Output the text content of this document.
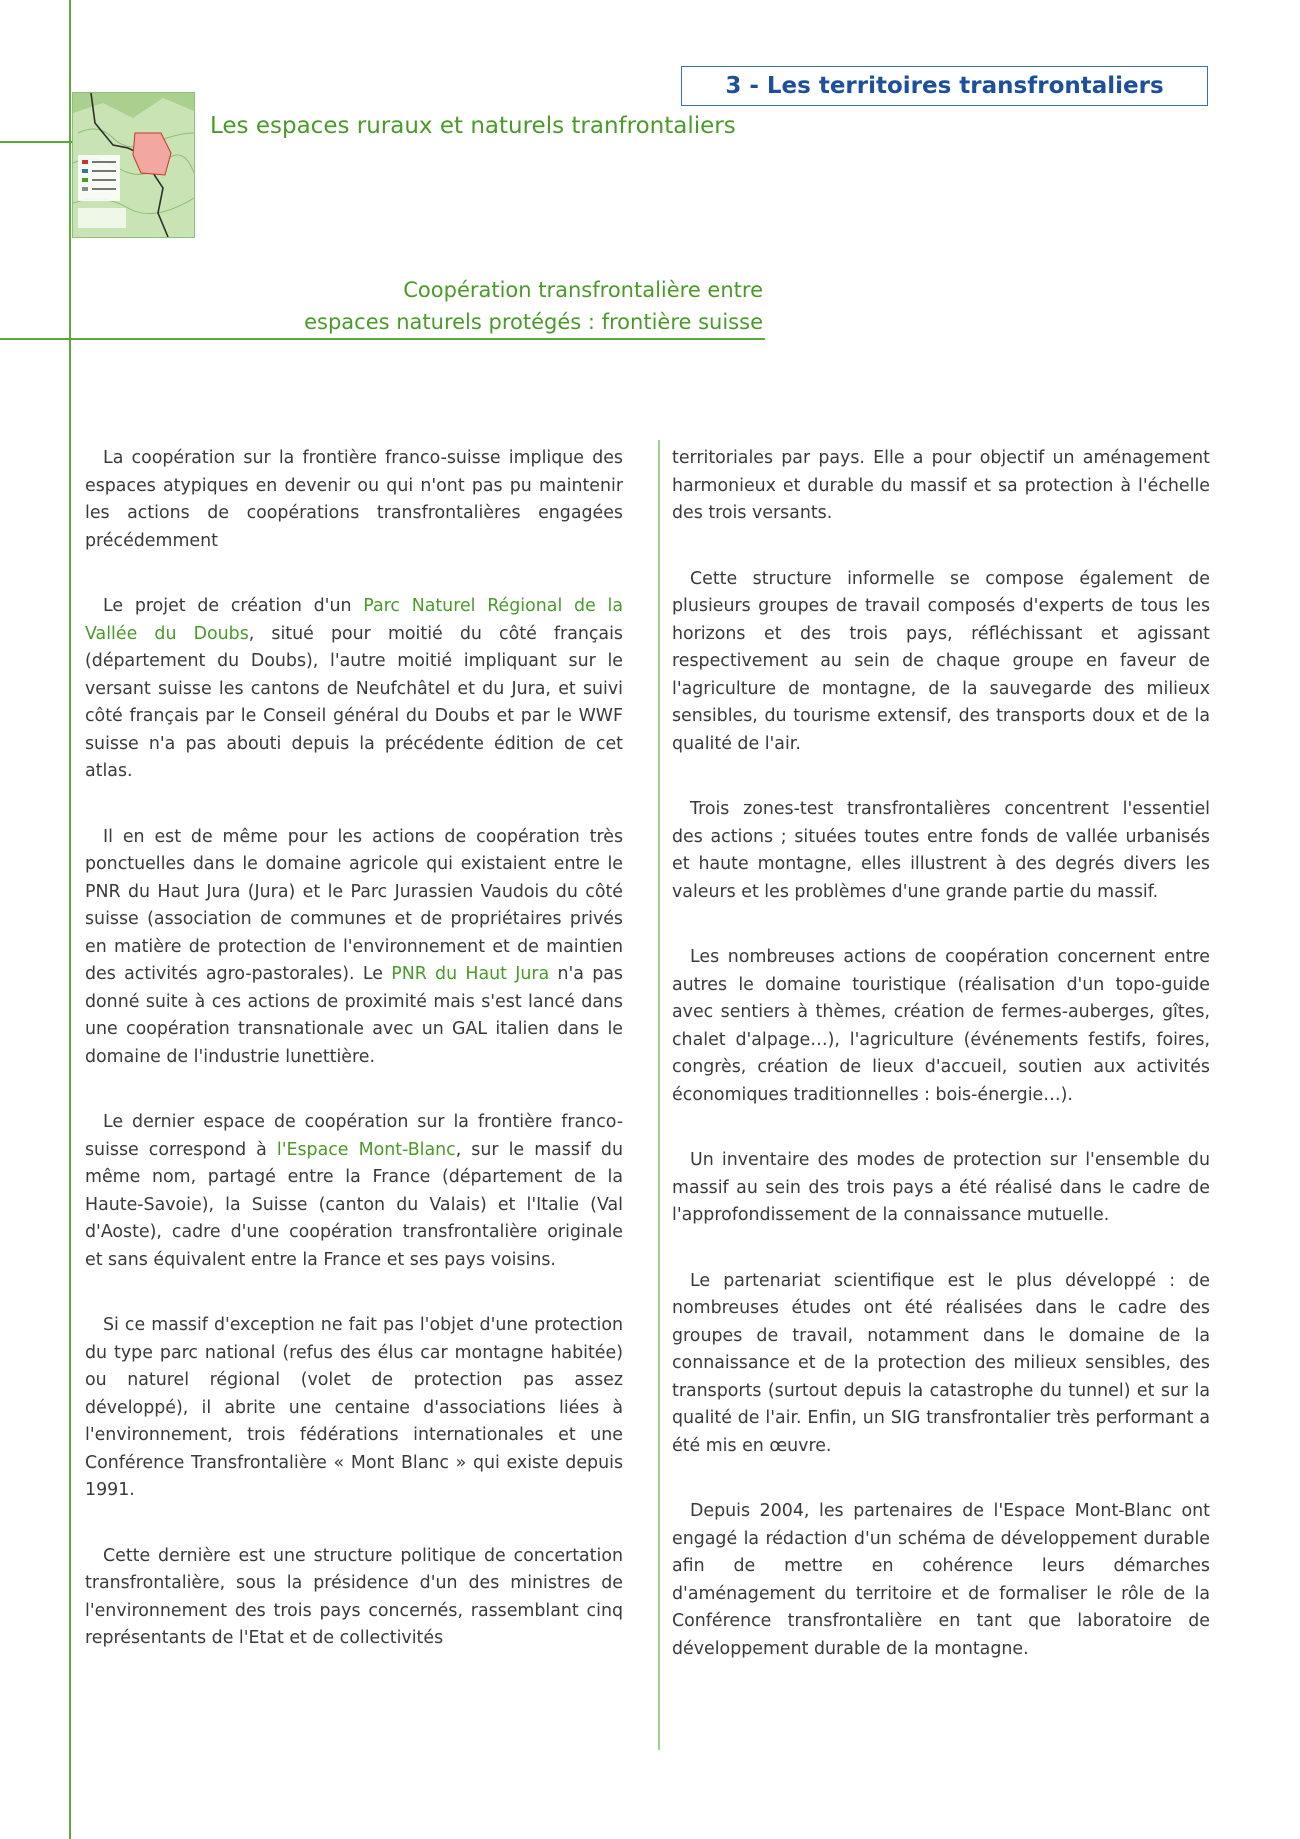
3 - Les territoires transfrontaliers
Les espaces ruraux et naturels tranfrontaliers
Coopération transfrontalière entre
espaces naturels protégés : frontière suisse

La coopération sur la frontière franco-suisse implique des espaces atypiques en devenir ou qui n'ont pas pu maintenir les actions de coopérations transfrontalières engagées précédemment

Le projet de création d'un Parc Naturel Régional de la Vallée du Doubs, situé pour moitié du côté français (département du Doubs), l'autre moitié impliquant sur le versant suisse les cantons de Neufchâtel et du Jura, et suivi côté français par le Conseil général du Doubs et par le WWF suisse n'a pas abouti depuis la précédente édition de cet atlas.

Il en est de même pour les actions de coopération très ponctuelles dans le domaine agricole qui existaient entre le PNR du Haut Jura (Jura) et le Parc Jurassien Vaudois du côté suisse (association de communes et de propriétaires privés en matière de protection de l'environnement et de maintien des activités agro-pastorales). Le PNR du Haut Jura n'a pas donné suite à ces actions de proximité mais s'est lancé dans une coopération transnationale avec un GAL italien dans le domaine de l'industrie lunettière.

Le dernier espace de coopération sur la frontière franco-suisse correspond à l'Espace Mont-Blanc, sur le massif du même nom, partagé entre la France (département de la Haute-Savoie), la Suisse (canton du Valais) et l'Italie (Val d'Aoste), cadre d'une coopération transfrontalière originale et sans équivalent entre la France et ses pays voisins.

Si ce massif d'exception ne fait pas l'objet d'une protection du type parc national (refus des élus car montagne habitée) ou naturel régional (volet de protection pas assez développé), il abrite une centaine d'associations liées à l'environnement, trois fédérations internationales et une Conférence Transfrontalière « Mont Blanc » qui existe depuis 1991.

Cette dernière est une structure politique de concertation transfrontalière, sous la présidence d'un des ministres de l'environnement des trois pays concernés, rassemblant cinq représentants de l'Etat et de collectivités

territoriales par pays. Elle a pour objectif un aménagement harmonieux et durable du massif et sa protection à l'échelle des trois versants.

Cette structure informelle se compose également de plusieurs groupes de travail composés d'experts de tous les horizons et des trois pays, réfléchissant et agissant respectivement au sein de chaque groupe en faveur de l'agriculture de montagne, de la sauvegarde des milieux sensibles, du tourisme extensif, des transports doux et de la qualité de l'air.

Trois zones-test transfrontalières concentrent l'essentiel des actions ; situées toutes entre fonds de vallée urbanisés et haute montagne, elles illustrent à des degrés divers les valeurs et les problèmes d'une grande partie du massif.

Les nombreuses actions de coopération concernent entre autres le domaine touristique (réalisation d'un topo-guide avec sentiers à thèmes, création de fermes-auberges, gîtes, chalet d'alpage…), l'agriculture (événements festifs, foires, congrès, création de lieux d'accueil, soutien aux activités économiques traditionnelles : bois-énergie…).

Un inventaire des modes de protection sur l'ensemble du massif au sein des trois pays a été réalisé dans le cadre de l'approfondissement de la connaissance mutuelle.

Le partenariat scientifique est le plus développé : de nombreuses études ont été réalisées dans le cadre des groupes de travail, notamment dans le domaine de la connaissance et de la protection des milieux sensibles, des transports (surtout depuis la catastrophe du tunnel) et sur la qualité de l'air. Enfin, un SIG transfrontalier très performant a été mis en œuvre.

Depuis 2004, les partenaires de l'Espace Mont-Blanc ont engagé la rédaction d'un schéma de développement durable afin de mettre en cohérence leurs démarches d'aménagement du territoire et de formaliser le rôle de la Conférence transfrontalière en tant que laboratoire de développement durable de la montagne.
